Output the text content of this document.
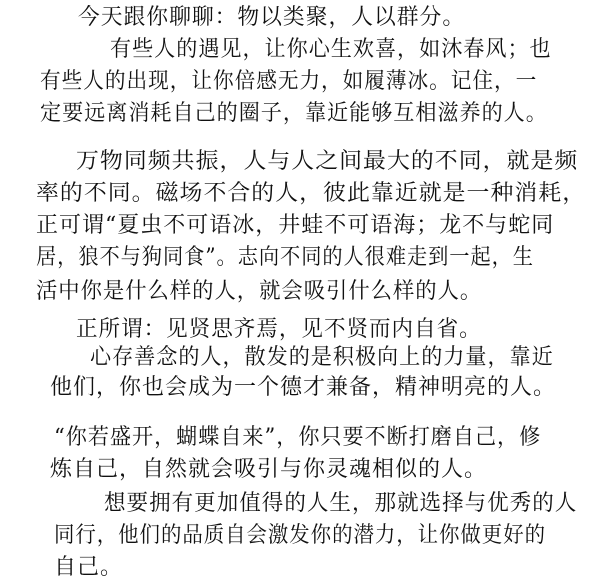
今天跟你聊聊：物以类聚，人以群分。
有些人的遇见，让你心生欢喜，如沐春风；也
有些人的出现，让你倍感无力，如履薄冰。记住，一
定要远离消耗自己的圈子，靠近能够互相滋养的人。
万物同频共振，人与人之间最大的不同，就是频
率的不同。磁场不合的人，彼此靠近就是一种消耗，
正可谓“夏虫不可语冰，井蛙不可语海；龙不与蛇同
居，狼不与狗同食”。志向不同的人很难走到一起，生
活中你是什么样的人，就会吸引什么样的人。
正所谓：见贤思齐焉，见不贤而内自省。
心存善念的人，散发的是积极向上的力量，靠近
他们，你也会成为一个德才兼备，精神明亮的人。
“你若盛开，蝴蝶自来”，你只要不断打磨自己，修
炼自己，自然就会吸引与你灵魂相似的人。
想要拥有更加值得的人生，那就选择与优秀的人
同行，他们的品质自会激发你的潜力，让你做更好的
自己。
